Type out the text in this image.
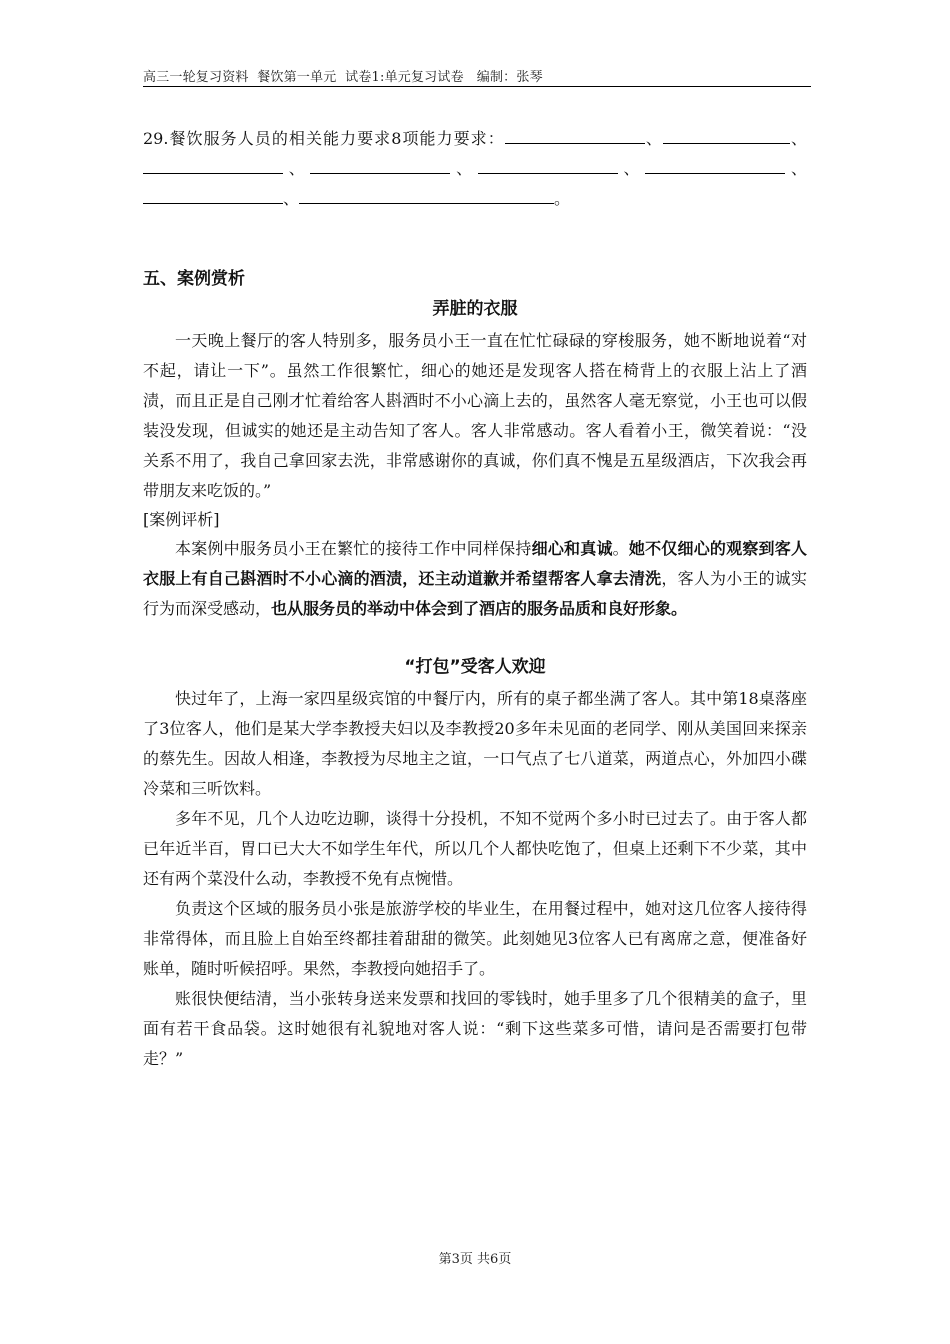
高三一轮复习资料  餐饮第一单元  试卷1:单元复习试卷   编制：张琴

29.餐饮服务人员的相关能力要求8项能力要求：	、	、、	、	、	、、	。

五、案例赏析
弄脏的衣服

一天晚上餐厅的客人特别多，服务员小王一直在忙忙碌碌的穿梭服务，她不断地说着“对不起，请让一下”。虽然工作很繁忙，细心的她还是发现客人搭在椅背上的衣服上沾上了酒渍，而且正是自己刚才忙着给客人斟酒时不小心滴上去的，虽然客人毫无察觉，小王也可以假装没发现，但诚实的她还是主动告知了客人。客人非常感动。客人看着小王，微笑着说：“没关系不用了，我自己拿回家去洗，非常感谢你的真诚，你们真不愧是五星级酒店，下次我会再带朋友来吃饭的。”

[案例评析]

本案例中服务员小王在繁忙的接待工作中同样保持细心和真诚。她不仅细心的观察到客人衣服上有自己斟酒时不小心滴的酒渍，还主动道歉并希望帮客人拿去清洗，客人为小王的诚实行为而深受感动，也从服务员的举动中体会到了酒店的服务品质和良好形象。

“打包”受客人欢迎

快过年了，上海一家四星级宾馆的中餐厅内，所有的桌子都坐满了客人。其中第18桌落座了3位客人，他们是某大学李教授夫妇以及李教授20多年未见面的老同学、刚从美国回来探亲的蔡先生。因故人相逢，李教授为尽地主之谊，一口气点了七八道菜，两道点心，外加四小碟冷菜和三听饮料。

多年不见，几个人边吃边聊，谈得十分投机，不知不觉两个多小时已过去了。由于客人都已年近半百，胃口已大大不如学生年代，所以几个人都快吃饱了，但桌上还剩下不少菜，其中还有两个菜没什么动，李教授不免有点惋惜。

负责这个区域的服务员小张是旅游学校的毕业生，在用餐过程中，她对这几位客人接待得非常得体，而且脸上自始至终都挂着甜甜的微笑。此刻她见3位客人已有离席之意，便准备好账单，随时听候招呼。果然，李教授向她招手了。

账很快便结清，当小张转身送来发票和找回的零钱时，她手里多了几个很精美的盒子，里面有若干食品袋。这时她很有礼貌地对客人说：“剩下这些菜多可惜，请问是否需要打包带走？”

第3页 共6页
